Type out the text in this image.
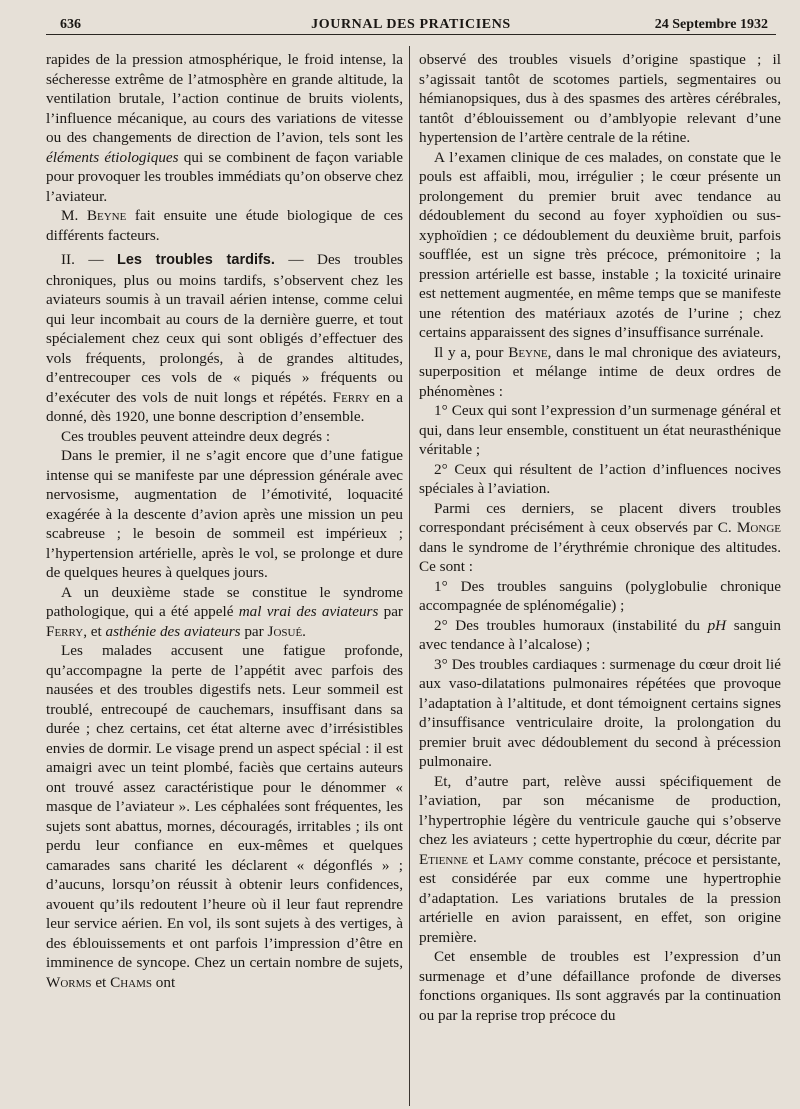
636	JOURNAL DES PRATICIENS	24 Septembre 1932

rapides de la pression atmosphérique, le froid intense, la sécheresse extrême de l’atmosphère en grande altitude, la ventilation brutale, l’action continue de bruits violents, l’influence mécanique, au cours des variations de vitesse ou des changements de direction de l’avion, tels sont les éléments étiologiques qui se combinent de façon variable pour provoquer les troubles immédiats qu’on observe chez l’aviateur.

M. Beyne fait ensuite une étude biologique de ces différents facteurs.

II. — Les troubles tardifs. — Des troubles chroniques, plus ou moins tardifs, s’observent chez les aviateurs soumis à un travail aérien intense, comme celui qui leur incombait au cours de la dernière guerre, et tout spécialement chez ceux qui sont obligés d’effectuer des vols fréquents, prolongés, à de grandes altitudes, d’entrecouper ces vols de « piqués » fréquents ou d’exécuter des vols de nuit longs et répétés. Ferry en a donné, dès 1920, une bonne description d’ensemble.

Ces troubles peuvent atteindre deux degrés :

Dans le premier, il ne s’agit encore que d’une fatigue intense qui se manifeste par une dépression générale avec nervosisme, augmentation de l’émotivité, loquacité exagérée à la descente d’avion après une mission un peu scabreuse ; le besoin de sommeil est impérieux ; l’hypertension artérielle, après le vol, se prolonge et dure de quelques heures à quelques jours.

A un deuxième stade se constitue le syndrome pathologique, qui a été appelé mal vrai des aviateurs par Ferry, et asthénie des aviateurs par Josué.

Les malades accusent une fatigue profonde, qu’accompagne la perte de l’appétit avec parfois des nausées et des troubles digestifs nets. Leur sommeil est troublé, entrecoupé de cauchemars, insuffisant dans sa durée ; chez certains, cet état alterne avec d’irrésistibles envies de dormir. Le visage prend un aspect spécial : il est amaigri avec un teint plombé, faciès que certains auteurs ont trouvé assez caractéristique pour le dénommer « masque de l’aviateur ». Les céphalées sont fréquentes, les sujets sont abattus, mornes, découragés, irritables ; ils ont perdu leur confiance en eux-mêmes et quelques camarades sans charité les déclarent « dégonflés » ; d’aucuns, lorsqu’on réussit à obtenir leurs confidences, avouent qu’ils redoutent l’heure où il leur faut reprendre leur service aérien. En vol, ils sont sujets à des vertiges, à des éblouissements et ont parfois l’impression d’être en imminence de syncope. Chez un certain nombre de sujets, Worms et Chams ont

observé des troubles visuels d’origine spastique ; il s’agissait tantôt de scotomes partiels, segmentaires ou hémianopsiques, dus à des spasmes des artères cérébrales, tantôt d’éblouissement ou d’amblyopie relevant d’une hypertension de l’artère centrale de la rétine.

A l’examen clinique de ces malades, on constate que le pouls est affaibli, mou, irrégulier ; le cœur présente un prolongement du premier bruit avec tendance au dédoublement du second au foyer xyphoïdien ou sus-xyphoïdien ; ce dédoublement du deuxième bruit, parfois soufflée, est un signe très précoce, prémonitoire ; la pression artérielle est basse, instable ; la toxicité urinaire est nettement augmentée, en même temps que se manifeste une rétention des matériaux azotés de l’urine ; chez certains apparaissent des signes d’insuffisance surrénale.

Il y a, pour Beyne, dans le mal chronique des aviateurs, superposition et mélange intime de deux ordres de phénomènes :

1° Ceux qui sont l’expression d’un surmenage général et qui, dans leur ensemble, constituent un état neurasthénique véritable ;

2° Ceux qui résultent de l’action d’influences nocives spéciales à l’aviation.

Parmi ces derniers, se placent divers troubles correspondant précisément à ceux observés par C. Monge dans le syndrome de l’érythrémie chronique des altitudes. Ce sont :

1° Des troubles sanguins (polyglobulie chronique accompagnée de splénomégalie) ;

2° Des troubles humoraux (instabilité du pH sanguin avec tendance à l’alcalose) ;

3° Des troubles cardiaques : surmenage du cœur droit lié aux vaso-dilatations pulmonaires répétées que provoque l’adaptation à l’altitude, et dont témoignent certains signes d’insuffisance ventriculaire droite, la prolongation du premier bruit avec dédoublement du second à précession pulmonaire.

Et, d’autre part, relève aussi spécifiquement de l’aviation, par son mécanisme de production, l’hypertrophie légère du ventricule gauche qui s’observe chez les aviateurs ; cette hypertrophie du cœur, décrite par Etienne et Lamy comme constante, précoce et persistante, est considérée par eux comme une hypertrophie d’adaptation. Les variations brutales de la pression artérielle en avion paraissent, en effet, son origine première.

Cet ensemble de troubles est l’expression d’un surmenage et d’une défaillance profonde de diverses fonctions organiques. Ils sont aggravés par la continuation ou par la reprise trop précoce du
